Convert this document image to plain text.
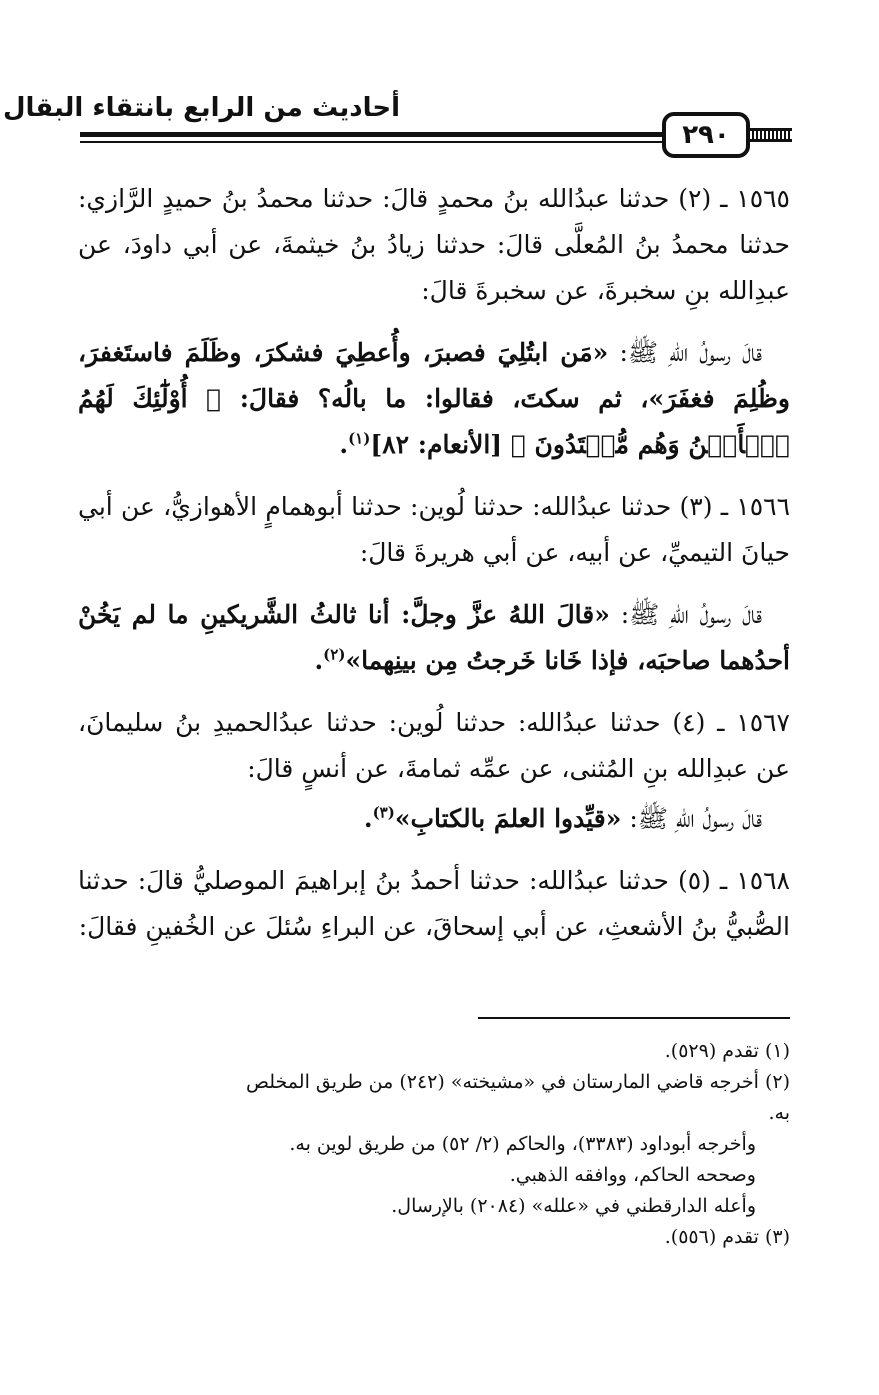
أحاديث من الرابع بانتقاء البقال
٢٩٠

١٥٦٥ ـ (٢) حدثنا عبدُالله بنُ محمدٍ قالَ: حدثنا محمدُ بنُ حميدٍ الرَّازي: حدثنا محمدُ بنُ المُعلَّى قالَ: حدثنا زيادُ بنُ خيثمةَ، عن أبي داودَ، عن عبدِالله بنِ سخبرةَ، عن سخبرةَ قالَ:

قالَ رسولُ اللهِ ﷺ: «مَن ابتُلِيَ فصبرَ، وأُعطِيَ فشكرَ، وظَلَمَ فاستَغفرَ، وظُلِمَ فغفَرَ»، ثم سكتَ، فقالوا: ما بالُه؟ فقالَ: ﴿ أُوْلَٰٓئِكَ لَهُمُ ٱلۡأَمۡنُ وَهُم مُّهۡتَدُونَ ﴾ [الأنعام: ٨٢]$^{(١)}$.

١٥٦٦ ـ (٣) حدثنا عبدُالله: حدثنا لُوين: حدثنا أبوهمامٍ الأهوازيُّ، عن أبي حيانَ التيميِّ، عن أبيه، عن أبي هريرةَ قالَ:

قالَ رسولُ اللهِ ﷺ: «قالَ اللهُ عزَّ وجلَّ: أنا ثالثُ الشَّريكينِ ما لم يَخُنْ أحدُهما صاحبَه، فإذا خَانا خَرجتُ مِن بينِهما»$^{(٢)}$.

١٥٦٧ ـ (٤) حدثنا عبدُالله: حدثنا لُوين: حدثنا عبدُالحميدِ بنُ سليمانَ، عن عبدِالله بنِ المُثنى، عن عمِّه ثمامةَ، عن أنسٍ قالَ:

قالَ رسولُ اللهِ ﷺ: «قيِّدوا العلمَ بالكتابِ»$^{(٣)}$.

١٥٦٨ ـ (٥) حدثنا عبدُالله: حدثنا أحمدُ بنُ إبراهيمَ الموصليُّ قالَ: حدثنا الصُّبيُّ بنُ الأشعثِ، عن أبي إسحاقَ، عن البراءِ سُئلَ عن الخُفينِ فقالَ:

(١) تقدم (٥٢٩).

(٢) أخرجه قاضي المارستان في «مشيخته» (٢٤٢) من طريق المخلص به.

وأخرجه أبوداود (٣٣٨٣)، والحاكم (٢/ ٥٢) من طريق لوين به.

وصححه الحاكم، ووافقه الذهبي.

وأعله الدارقطني في «علله» (٢٠٨٤) بالإرسال.

(٣) تقدم (٥٥٦).
